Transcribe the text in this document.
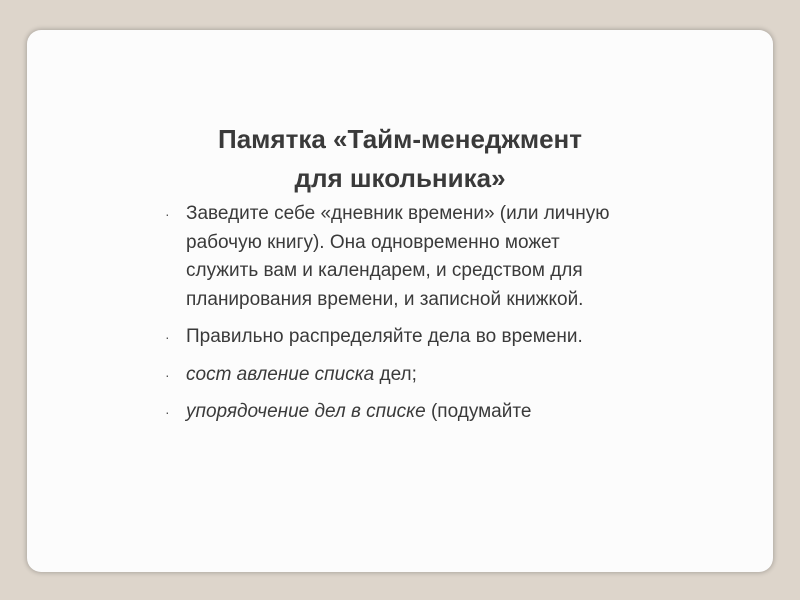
Памятка «Тайм-менеджмент
для школьника»
· Заведите себе «дневник времени» (или личную рабочую книгу). Она одновременно может служить вам и календарем, и средством для планирования времени, и записной книжкой.
· Правильно распределяйте дела во времени.
· сост авление списка дел;
· упорядочение дел в списке (подумайте
